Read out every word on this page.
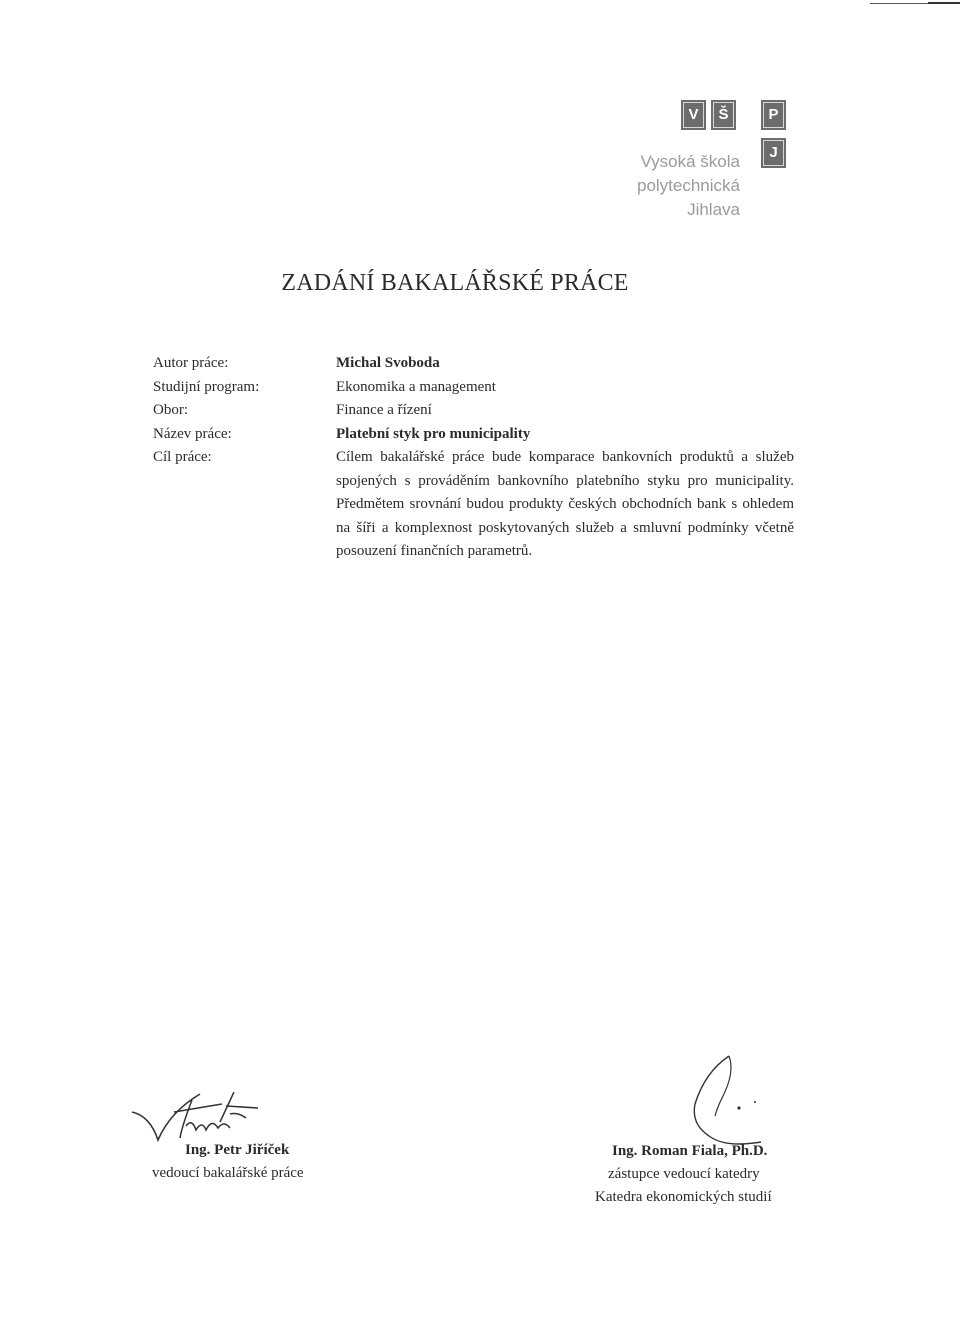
V	Š	P
J
Vysoká škola
polytechnická
Jihlava
ZADÁNÍ BAKALÁŘSKÉ PRÁCE
Autor práce:
Studijní program:
Obor:
Název práce:
Cíl práce:
Michal Svoboda
Ekonomika a management
Finance a řízení
Platební styk pro municipality
Cílem bakalářské práce bude komparace bankovních produktů a služeb spojených s prováděním bankovního platebního styku pro municipality. Předmětem srovnání budou produkty českých obchodních bank s ohledem na šíři a komplexnost poskytovaných služeb a smluvní podmínky včetně posouzení finančních parametrů.
Ing. Petr Jiříček
vedoucí bakalářské práce
Ing. Roman Fiala, Ph.D.
zástupce vedoucí katedry
Katedra ekonomických studií
